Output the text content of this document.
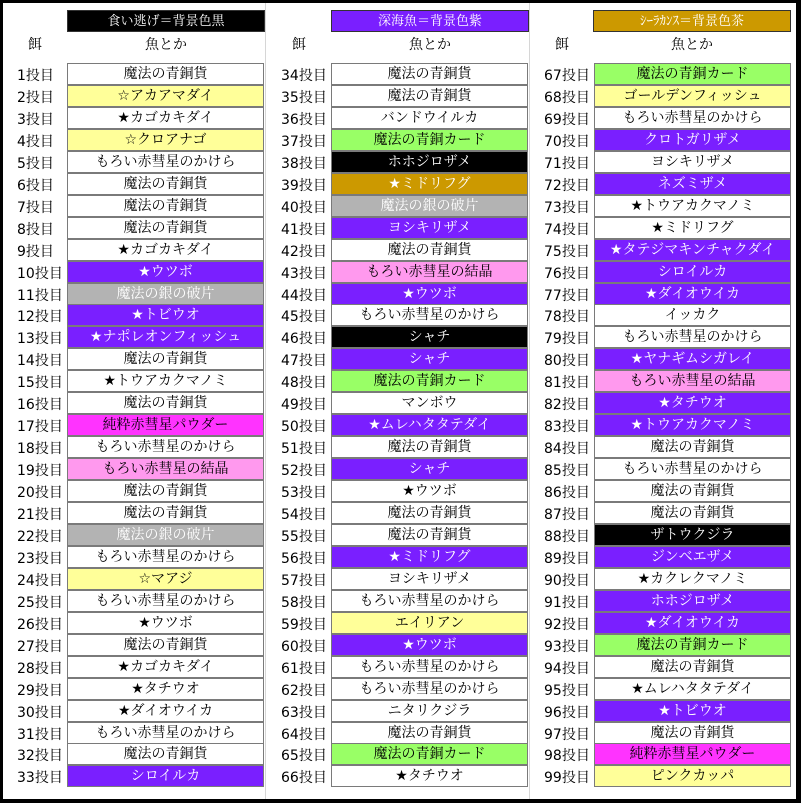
食い逃げ＝背景色黒	深海魚＝背景色紫	ｼｰﾗｶﾝｽ＝背景色茶
餌	魚とか	餌	魚とか	餌	魚とか
1投目	魔法の青銅貨
2投目	☆アカアマダイ
3投目	★カゴカキダイ
4投目	☆クロアナゴ
5投目	もろい赤彗星のかけら
6投目	魔法の青銅貨
7投目	魔法の青銅貨
8投目	魔法の青銅貨
9投目	★カゴカキダイ
10投目	★ウツボ
11投目	魔法の銀の破片
12投目	★トビウオ
13投目	★ナポレオンフィッシュ
14投目	魔法の青銅貨
15投目	★トウアカクマノミ
16投目	魔法の青銅貨
17投目	純粋赤彗星パウダー
18投目	もろい赤彗星のかけら
19投目	もろい赤彗星の結晶
20投目	魔法の青銅貨
21投目	魔法の青銅貨
22投目	魔法の銀の破片
23投目	もろい赤彗星のかけら
24投目	☆マアジ
25投目	もろい赤彗星のかけら
26投目	★ウツボ
27投目	魔法の青銅貨
28投目	★カゴカキダイ
29投目	★タチウオ
30投目	★ダイオウイカ
31投目	もろい赤彗星のかけら
32投目	魔法の青銅貨
33投目	シロイルカ
34投目	魔法の青銅貨
35投目	魔法の青銅貨
36投目	バンドウイルカ
37投目	魔法の青銅カード
38投目	ホホジロザメ
39投目	★ミドリフグ
40投目	魔法の銀の破片
41投目	ヨシキリザメ
42投目	魔法の青銅貨
43投目	もろい赤彗星の結晶
44投目	★ウツボ
45投目	もろい赤彗星のかけら
46投目	シャチ
47投目	シャチ
48投目	魔法の青銅カード
49投目	マンボウ
50投目	★ムレハタタテダイ
51投目	魔法の青銅貨
52投目	シャチ
53投目	★ウツボ
54投目	魔法の青銅貨
55投目	魔法の青銅貨
56投目	★ミドリフグ
57投目	ヨシキリザメ
58投目	もろい赤彗星のかけら
59投目	エイリアン
60投目	★ウツボ
61投目	もろい赤彗星のかけら
62投目	もろい赤彗星のかけら
63投目	ニタリクジラ
64投目	魔法の青銅貨
65投目	魔法の青銅カード
66投目	★タチウオ
67投目	魔法の青銅カード
68投目	ゴールデンフィッシュ
69投目	もろい赤彗星のかけら
70投目	クロトガリザメ
71投目	ヨシキリザメ
72投目	ネズミザメ
73投目	★トウアカクマノミ
74投目	★ミドリフグ
75投目	★タテジマキンチャクダイ
76投目	シロイルカ
77投目	★ダイオウイカ
78投目	イッカク
79投目	もろい赤彗星のかけら
80投目	★ヤナギムシガレイ
81投目	もろい赤彗星の結晶
82投目	★タチウオ
83投目	★トウアカクマノミ
84投目	魔法の青銅貨
85投目	もろい赤彗星のかけら
86投目	魔法の青銅貨
87投目	魔法の青銅貨
88投目	ザトウクジラ
89投目	ジンベエザメ
90投目	★カクレクマノミ
91投目	ホホジロザメ
92投目	★ダイオウイカ
93投目	魔法の青銅カード
94投目	魔法の青銅貨
95投目	★ムレハタタテダイ
96投目	★トビウオ
97投目	魔法の青銅貨
98投目	純粋赤彗星パウダー
99投目	ピンクカッパ
